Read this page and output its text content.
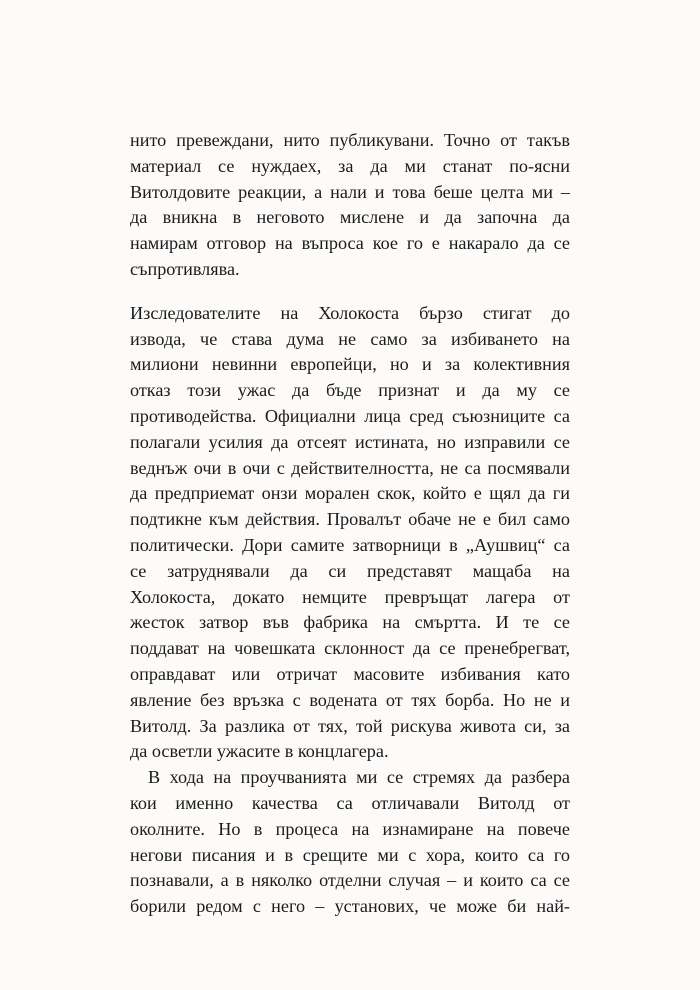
нито превеждани, нито публикувани. Точно от такъв
материал се нуждаех, за да ми станат по-ясни
Витолдовите реакции, а нали и това беше целта ми –
да вникна в неговото мислене и да започна да
намирам отговор на въпроса кое го е накарало да се
съпротивлява.
Изследователите на Холокоста бързо стигат до
извода, че става дума не само за избиването на
милиони невинни европейци, но и за колективния
отказ този ужас да бъде признат и да му се
противодейства. Официални лица сред съюзниците са
полагали усилия да отсеят истината, но изправили се
веднъж очи в очи с действителността, не са посмявали
да предприемат онзи морален скок, който е щял да ги
подтикне към действия. Провалът обаче не е бил само
политически. Дори самите затворници в „Аушвиц“ са
се затруднявали да си представят мащаба на
Холокоста, докато немците превръщат лагера от
жесток затвор във фабрика на смъртта. И те се
поддават на човешката склонност да се пренебрегват,
оправдават или отричат масовите избивания като
явление без връзка с водената от тях борба. Но не и
Витолд. За разлика от тях, той рискува живота си, за
да осветли ужасите в концлагера.
В хода на проучванията ми се стремях да разбера
кои именно качества са отличавали Витолд от
околните. Но в процеса на изнамиране на повече
негови писания и в срещите ми с хора, които са го
познавали, а в няколко отделни случая – и които са се
борили редом с него – установих, че може би най-
